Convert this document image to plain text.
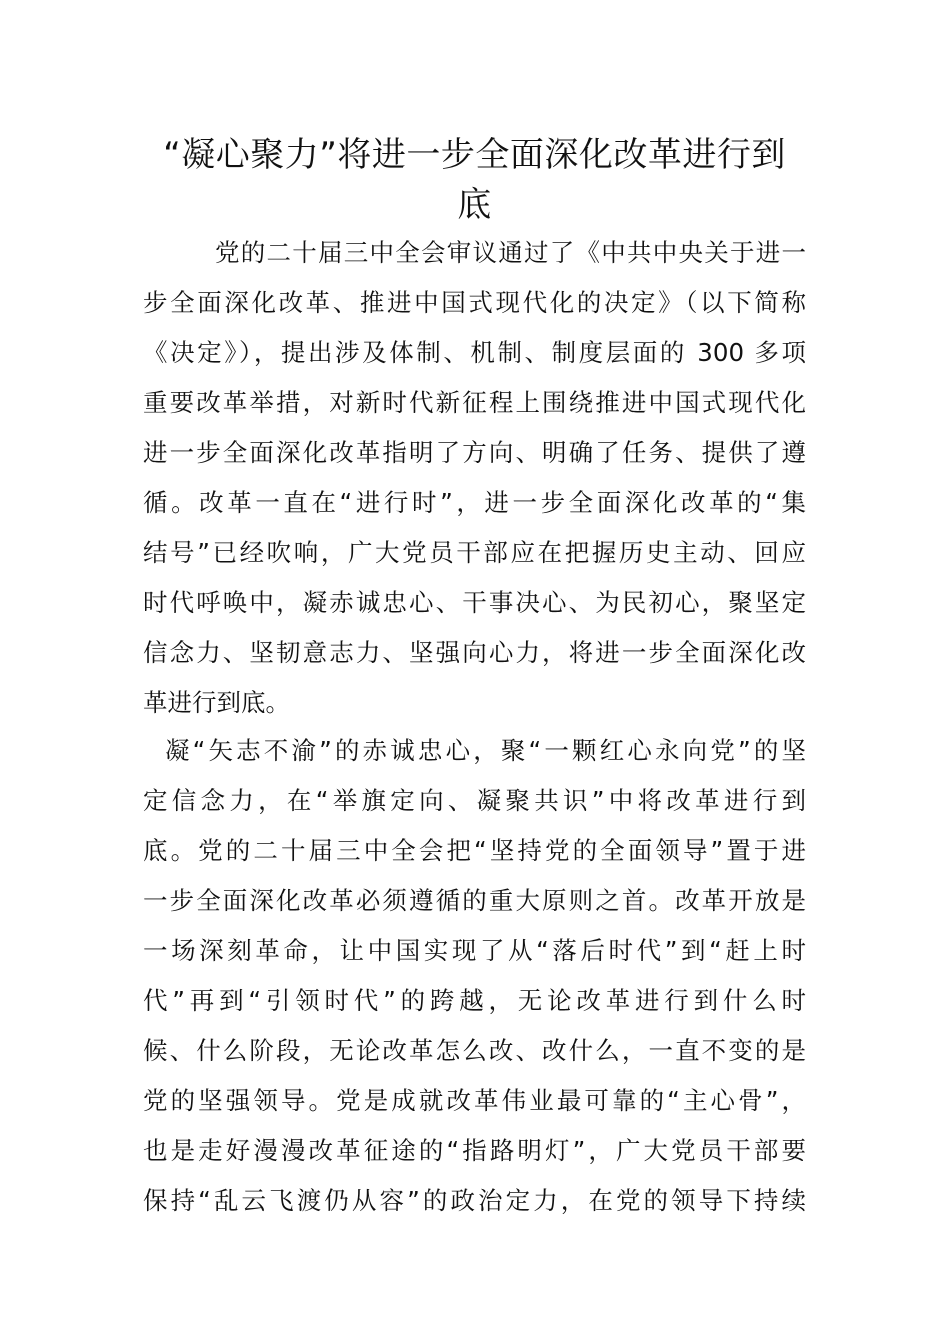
“凝心聚力”将进一步全面深化改革进行到
底
党的二十届三中全会审议通过了《中共中央关于进一
步全面深化改革、推进中国式现代化的决定》（以下简称
《决定》），提出涉及体制、机制、制度层面的 300 多项
重要改革举措，对新时代新征程上围绕推进中国式现代化
进一步全面深化改革指明了方向、明确了任务、提供了遵
循。改革一直在“进行时”，进一步全面深化改革的“集
结号”已经吹响，广大党员干部应在把握历史主动、回应
时代呼唤中，凝赤诚忠心、干事决心、为民初心，聚坚定
信念力、坚韧意志力、坚强向心力，将进一步全面深化改
革进行到底。
凝“矢志不渝”的赤诚忠心，聚“一颗红心永向党”的坚
定信念力，在“举旗定向、凝聚共识”中将改革进行到
底。党的二十届三中全会把“坚持党的全面领导”置于进
一步全面深化改革必须遵循的重大原则之首。改革开放是
一场深刻革命，让中国实现了从“落后时代”到“赶上时
代”再到“引领时代”的跨越，无论改革进行到什么时
候、什么阶段，无论改革怎么改、改什么，一直不变的是
党的坚强领导。党是成就改革伟业最可靠的“主心骨”，
也是走好漫漫改革征途的“指路明灯”，广大党员干部要
保持“乱云飞渡仍从容”的政治定力，在党的领导下持续
